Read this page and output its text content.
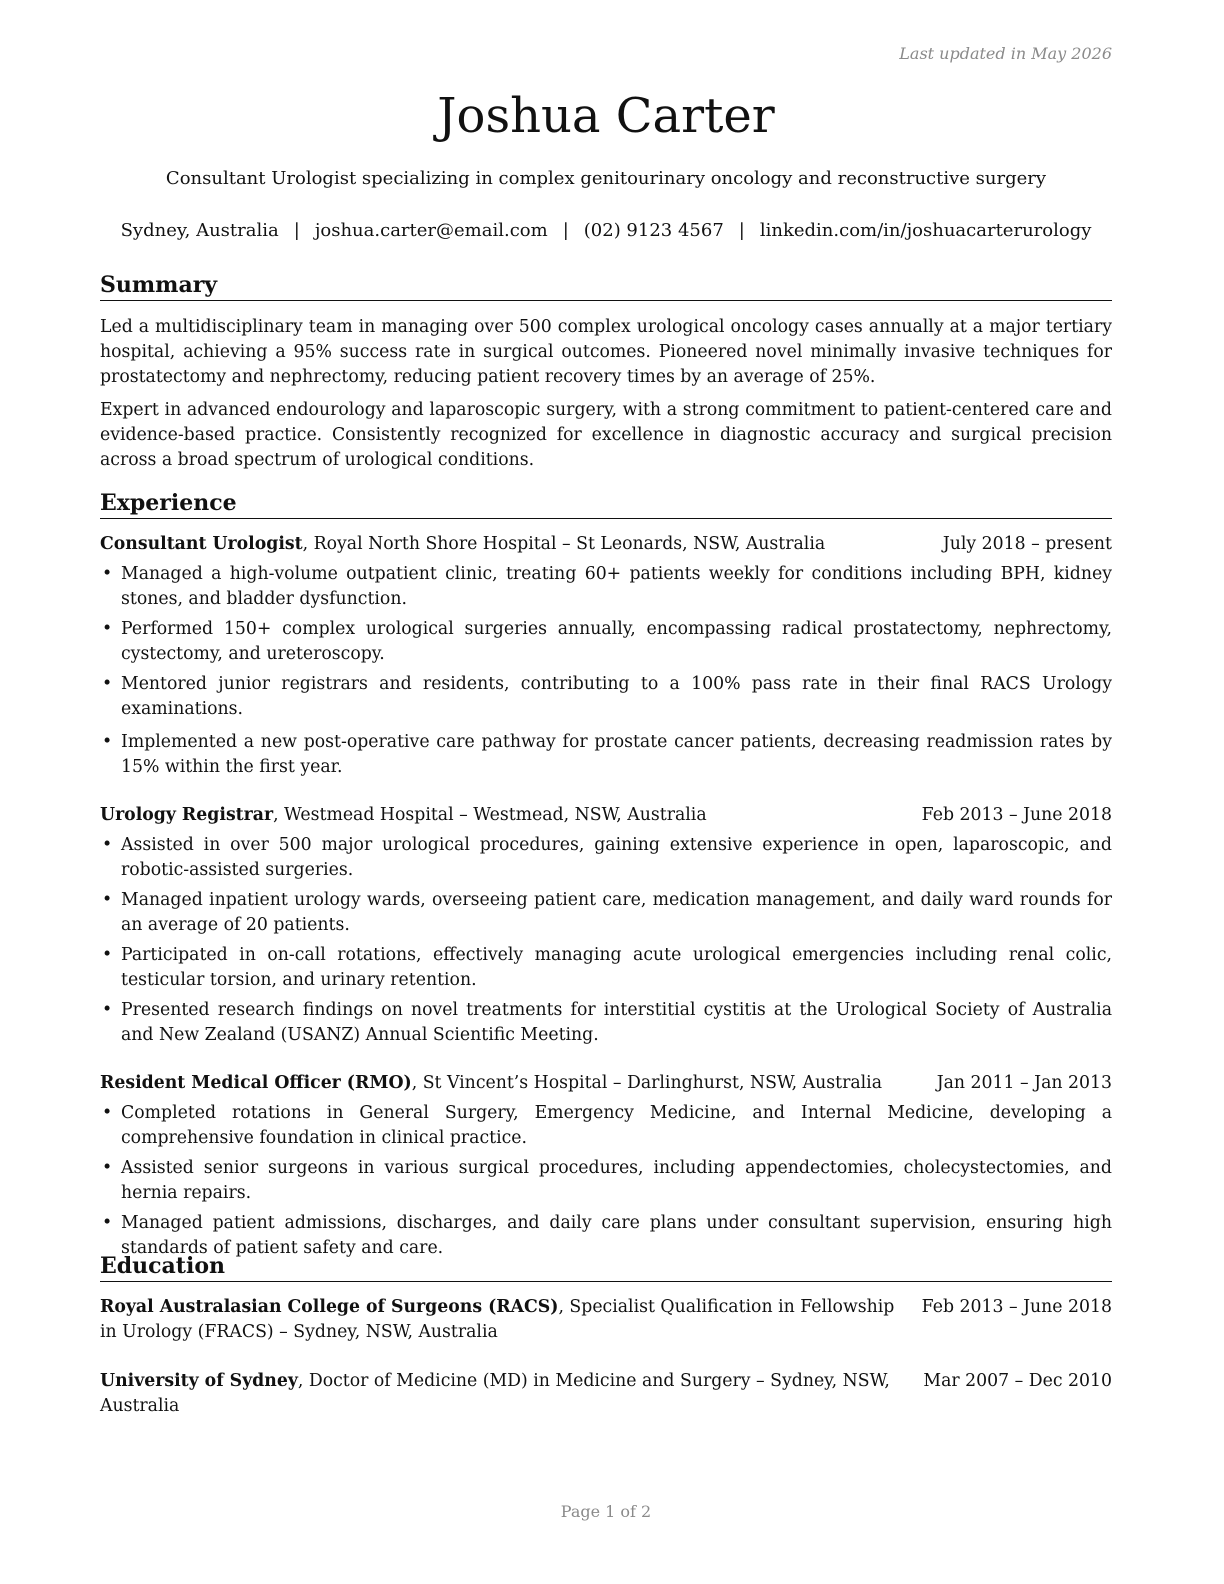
Last updated in May 2026
Joshua Carter
Consultant Urologist specializing in complex genitourinary oncology and reconstructive surgery
Sydney, Australia | joshua.carter@email.com | (02) 9123 4567 | linkedin.com/in/joshuacarterurology
Summary

Led a multidisciplinary team in managing over 500 complex urological oncology cases annually at a major tertiary hospital, achieving a 95% success rate in surgical outcomes. Pioneered novel minimally invasive techniques for prostatectomy and nephrectomy, reducing patient recovery times by an average of 25%.

Expert in advanced endourology and laparoscopic surgery, with a strong commitment to patient-centered care and evidence-based practice. Consistently recognized for excellence in diagnostic accuracy and surgical precision across a broad spectrum of urological conditions.

Experience
Consultant Urologist, Royal North Shore Hospital – St Leonards, NSW, Australia	July 2018 – present
• Managed a high-volume outpatient clinic, treating 60+ patients weekly for conditions including BPH, kidney stones, and bladder dysfunction.
• Performed 150+ complex urological surgeries annually, encompassing radical prostatectomy, nephrectomy, cystectomy, and ureteroscopy.
• Mentored junior registrars and residents, contributing to a 100% pass rate in their final RACS Urology examinations.
• Implemented a new post-operative care pathway for prostate cancer patients, decreasing readmission rates by 15% within the first year.
Urology Registrar, Westmead Hospital – Westmead, NSW, Australia	Feb 2013 – June 2018
• Assisted in over 500 major urological procedures, gaining extensive experience in open, laparoscopic, and robotic-assisted surgeries.
• Managed inpatient urology wards, overseeing patient care, medication management, and daily ward rounds for an average of 20 patients.
• Participated in on-call rotations, effectively managing acute urological emergencies including renal colic, testicular torsion, and urinary retention.
• Presented research findings on novel treatments for interstitial cystitis at the Urological Society of Australia and New Zealand (USANZ) Annual Scientific Meeting.
Resident Medical Officer (RMO), St Vincent’s Hospital – Darlinghurst, NSW, Australia	Jan 2011 – Jan 2013
• Completed rotations in General Surgery, Emergency Medicine, and Internal Medicine, developing a comprehensive foundation in clinical practice.
• Assisted senior surgeons in various surgical procedures, including appendectomies, cholecystectomies, and hernia repairs.
• Managed patient admissions, discharges, and daily care plans under consultant supervision, ensuring high standards of patient safety and care.
Education
Royal Australasian College of Surgeons (RACS), Specialist Qualification in Fellowship in Urology (FRACS) – Sydney, NSW, Australia
Feb 2013 – June 2018
University of Sydney, Doctor of Medicine (MD) in Medicine and Surgery – Sydney, NSW, Australia
Mar 2007 – Dec 2010
Page 1 of 2
